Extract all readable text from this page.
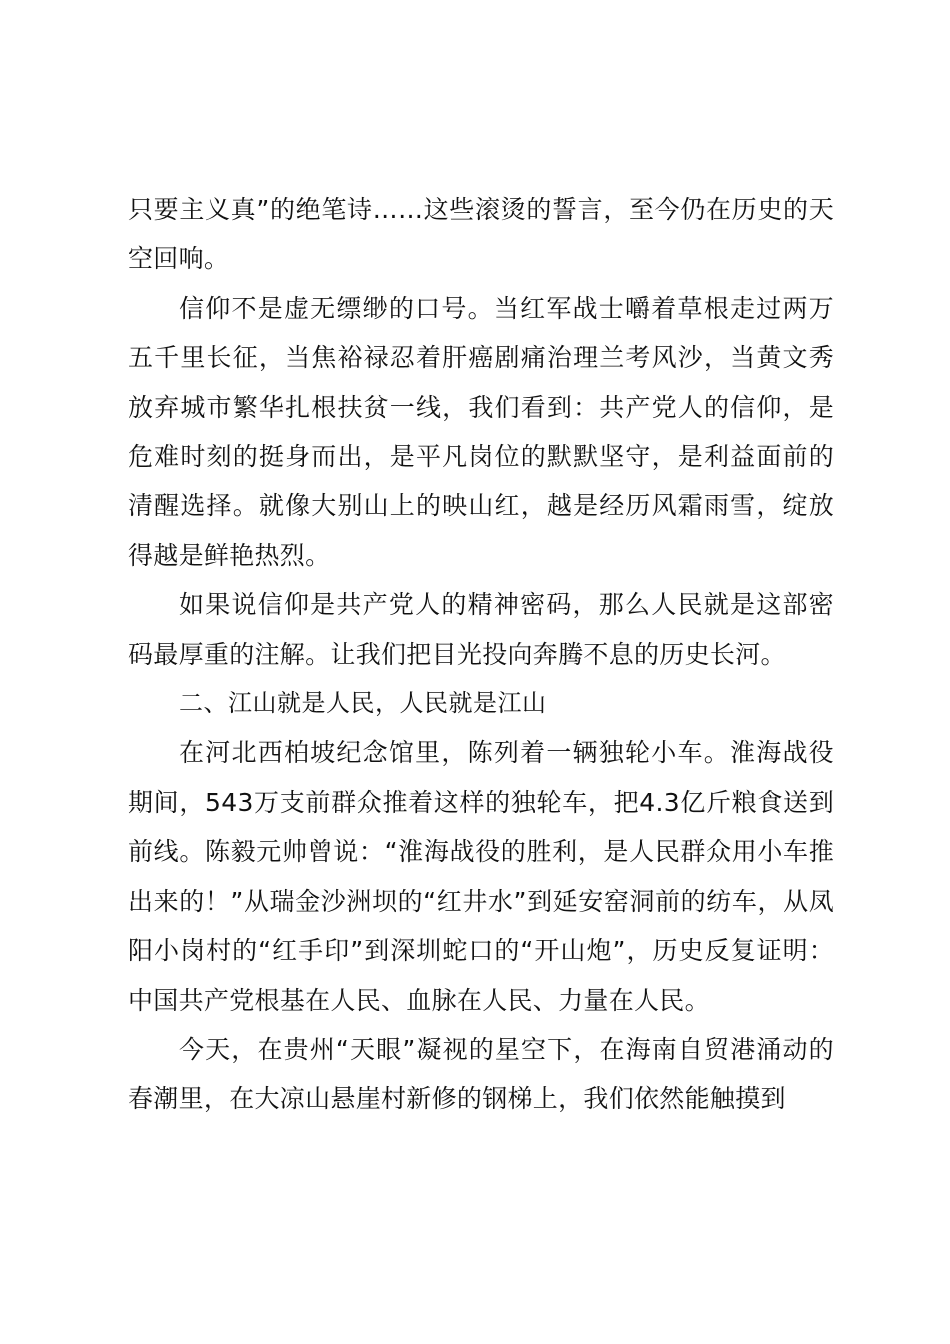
只要主义真”的绝笔诗……这些滚烫的誓言，至今仍在历史的天空回响。

信仰不是虚无缥缈的口号。当红军战士嚼着草根走过两万五千里长征，当焦裕禄忍着肝癌剧痛治理兰考风沙，当黄文秀放弃城市繁华扎根扶贫一线，我们看到：共产党人的信仰，是危难时刻的挺身而出，是平凡岗位的默默坚守，是利益面前的清醒选择。就像大别山上的映山红，越是经历风霜雨雪，绽放得越是鲜艳热烈。

如果说信仰是共产党人的精神密码，那么人民就是这部密码最厚重的注解。让我们把目光投向奔腾不息的历史长河。

二、江山就是人民，人民就是江山

在河北西柏坡纪念馆里，陈列着一辆独轮小车。淮海战役期间，543万支前群众推着这样的独轮车，把4.3亿斤粮食送到前线。陈毅元帅曾说：“淮海战役的胜利，是人民群众用小车推出来的！”从瑞金沙洲坝的“红井水”到延安窑洞前的纺车，从凤阳小岗村的“红手印”到深圳蛇口的“开山炮”，历史反复证明：中国共产党根基在人民、血脉在人民、力量在人民。

今天，在贵州“天眼”凝视的星空下，在海南自贸港涌动的春潮里，在大凉山悬崖村新修的钢梯上，我们依然能触摸到
